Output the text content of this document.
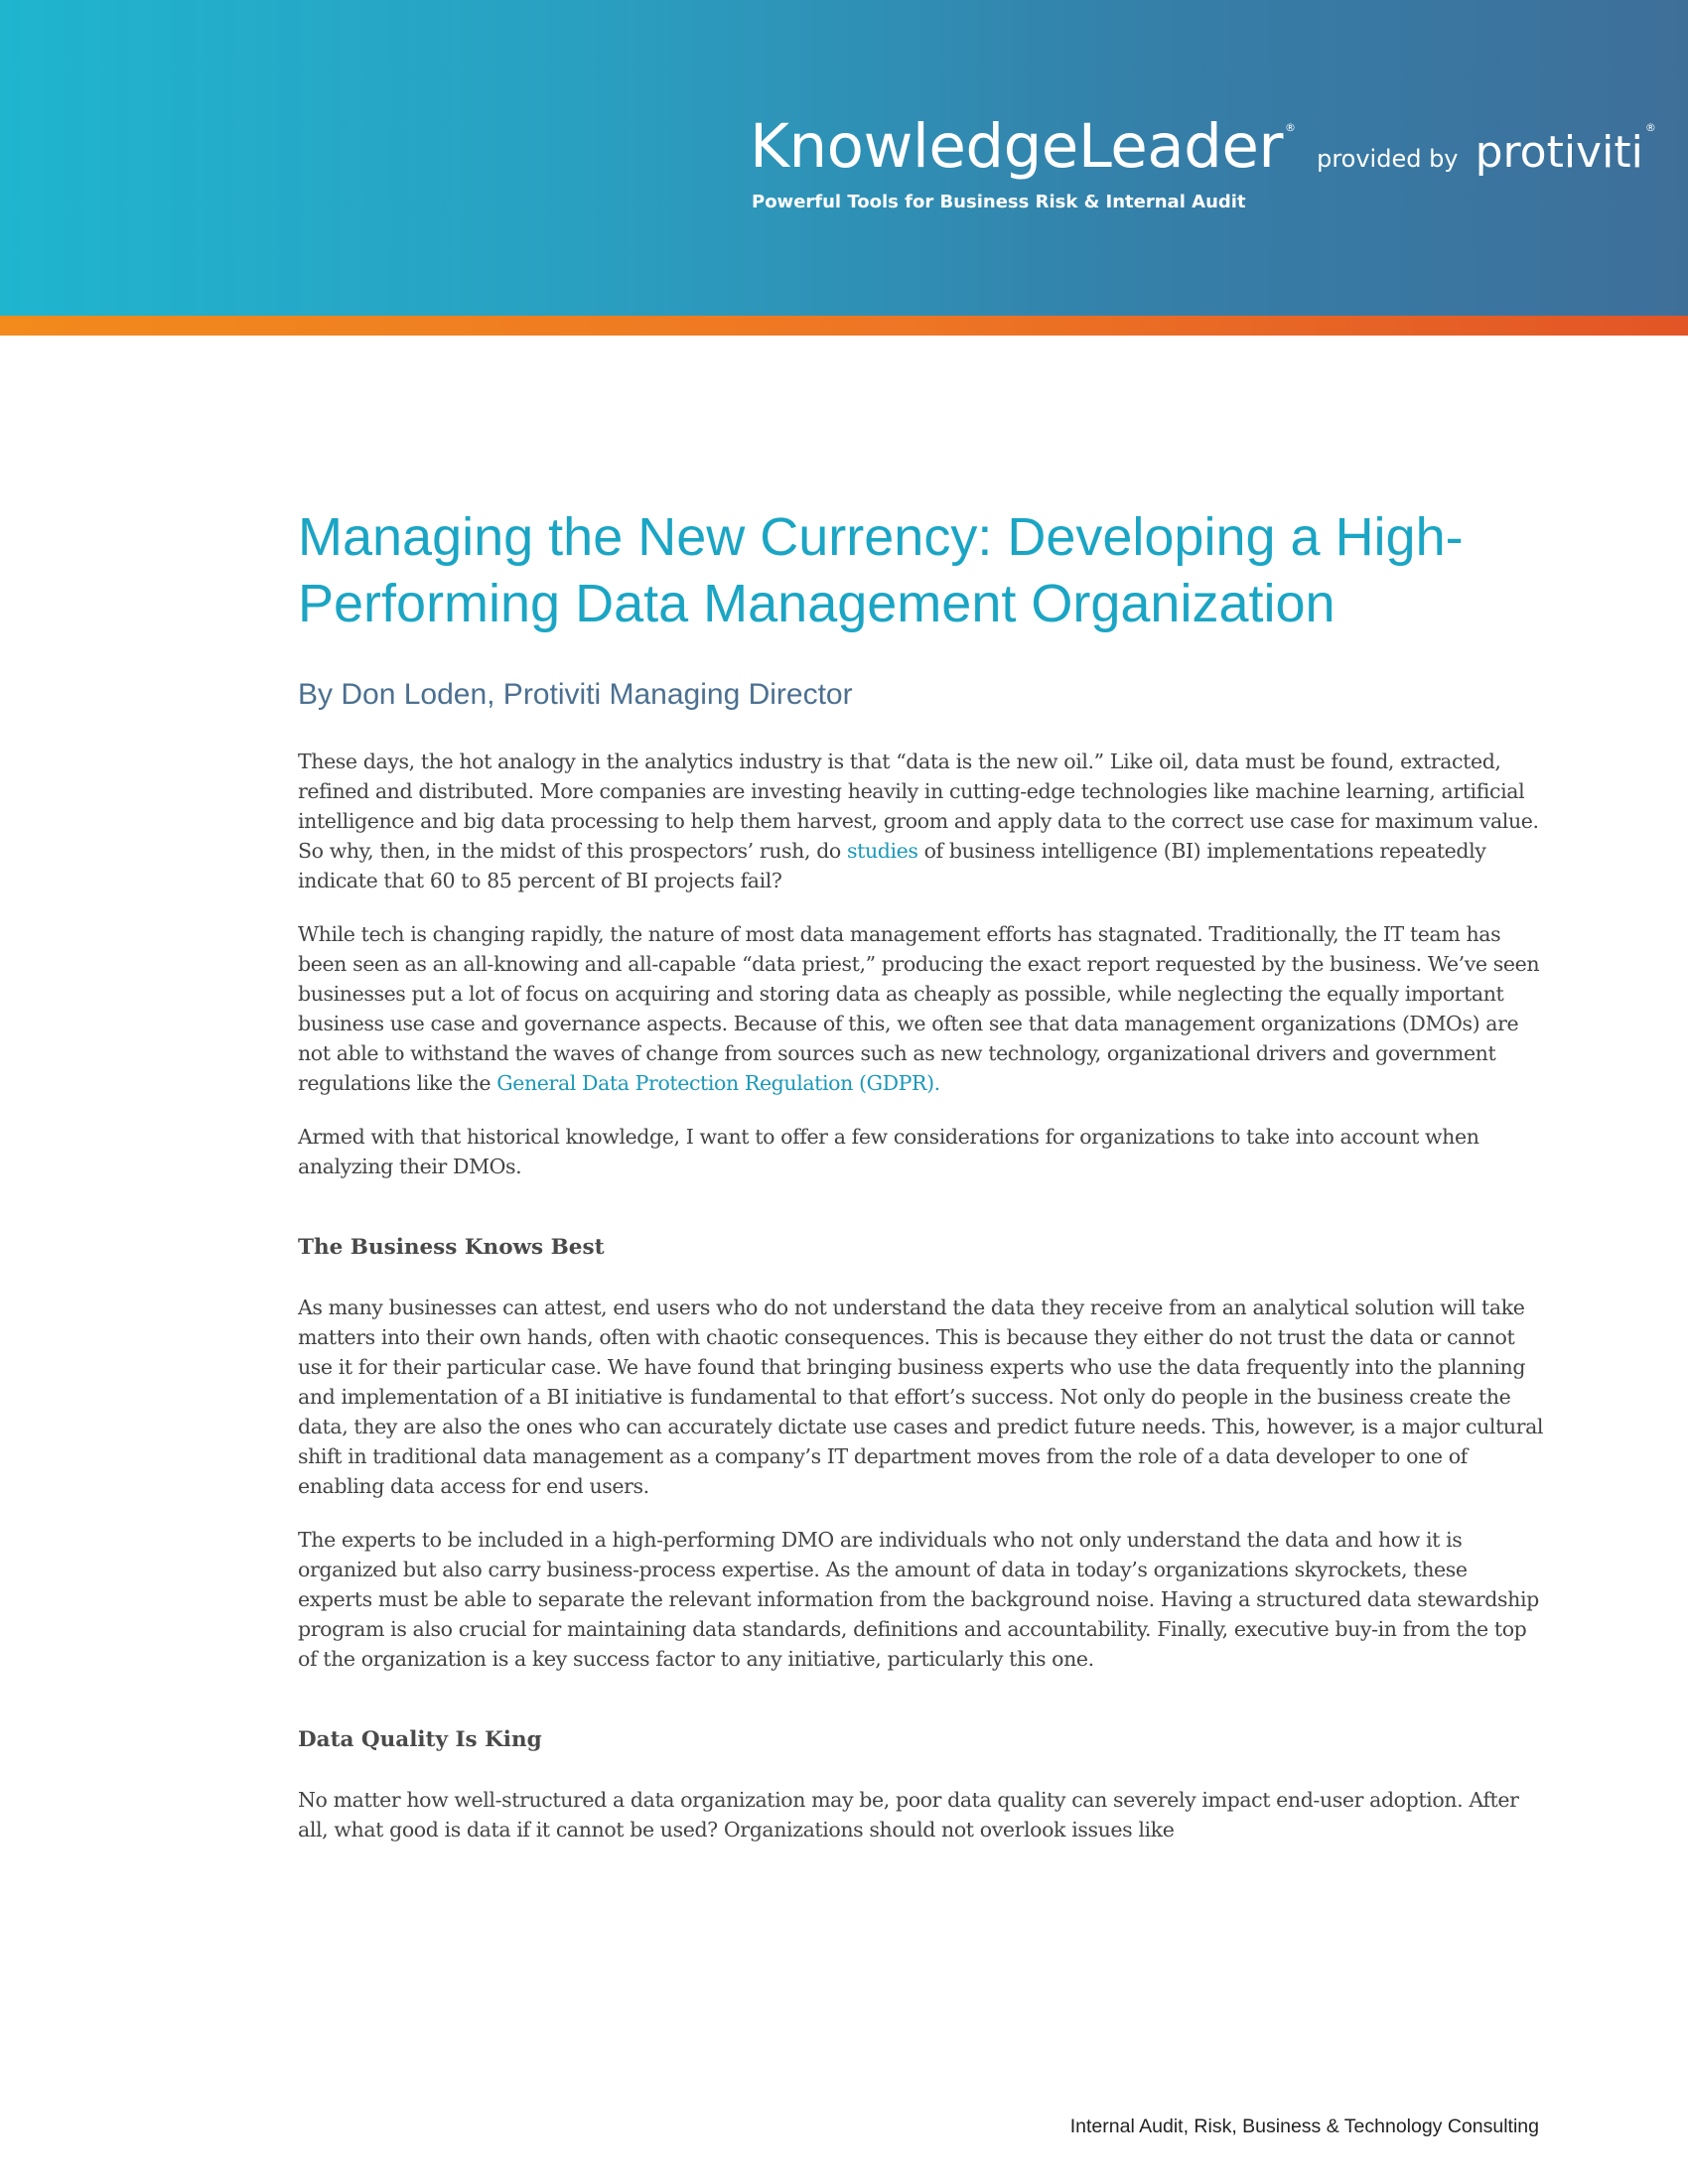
KnowledgeLeader ® provided by protiviti ®
Powerful Tools for Business Risk & Internal Audit
Managing the New Currency: Developing a High-Performing Data Management Organization
By Don Loden, Protiviti Managing Director

These days, the hot analogy in the analytics industry is that “data is the new oil.” Like oil, data must be found, extracted, refined and distributed. More companies are investing heavily in cutting-edge technologies like machine learning, artificial intelligence and big data processing to help them harvest, groom and apply data to the correct use case for maximum value. So why, then, in the midst of this prospectors’ rush, do studies of business intelligence (BI) implementations repeatedly indicate that 60 to 85 percent of BI projects fail?

While tech is changing rapidly, the nature of most data management efforts has stagnated. Traditionally, the IT team has been seen as an all-knowing and all-capable “data priest,” producing the exact report requested by the business. We’ve seen businesses put a lot of focus on acquiring and storing data as cheaply as possible, while neglecting the equally important business use case and governance aspects. Because of this, we often see that data management organizations (DMOs) are not able to withstand the waves of change from sources such as new technology, organizational drivers and government regulations like the General Data Protection Regulation (GDPR).

Armed with that historical knowledge, I want to offer a few considerations for organizations to take into account when analyzing their DMOs.

The Business Knows Best

As many businesses can attest, end users who do not understand the data they receive from an analytical solution will take matters into their own hands, often with chaotic consequences. This is because they either do not trust the data or cannot use it for their particular case. We have found that bringing business experts who use the data frequently into the planning and implementation of a BI initiative is fundamental to that effort’s success. Not only do people in the business create the data, they are also the ones who can accurately dictate use cases and predict future needs. This, however, is a major cultural shift in traditional data management as a company’s IT department moves from the role of a data developer to one of enabling data access for end users.

The experts to be included in a high-performing DMO are individuals who not only understand the data and how it is organized but also carry business-process expertise. As the amount of data in today’s organizations skyrockets, these experts must be able to separate the relevant information from the background noise. Having a structured data stewardship program is also crucial for maintaining data standards, definitions and accountability. Finally, executive buy-in from the top of the organization is a key success factor to any initiative, particularly this one.

Data Quality Is King

No matter how well-structured a data organization may be, poor data quality can severely impact end-user adoption. After all, what good is data if it cannot be used? Organizations should not overlook issues like

Internal Audit, Risk, Business & Technology Consulting
